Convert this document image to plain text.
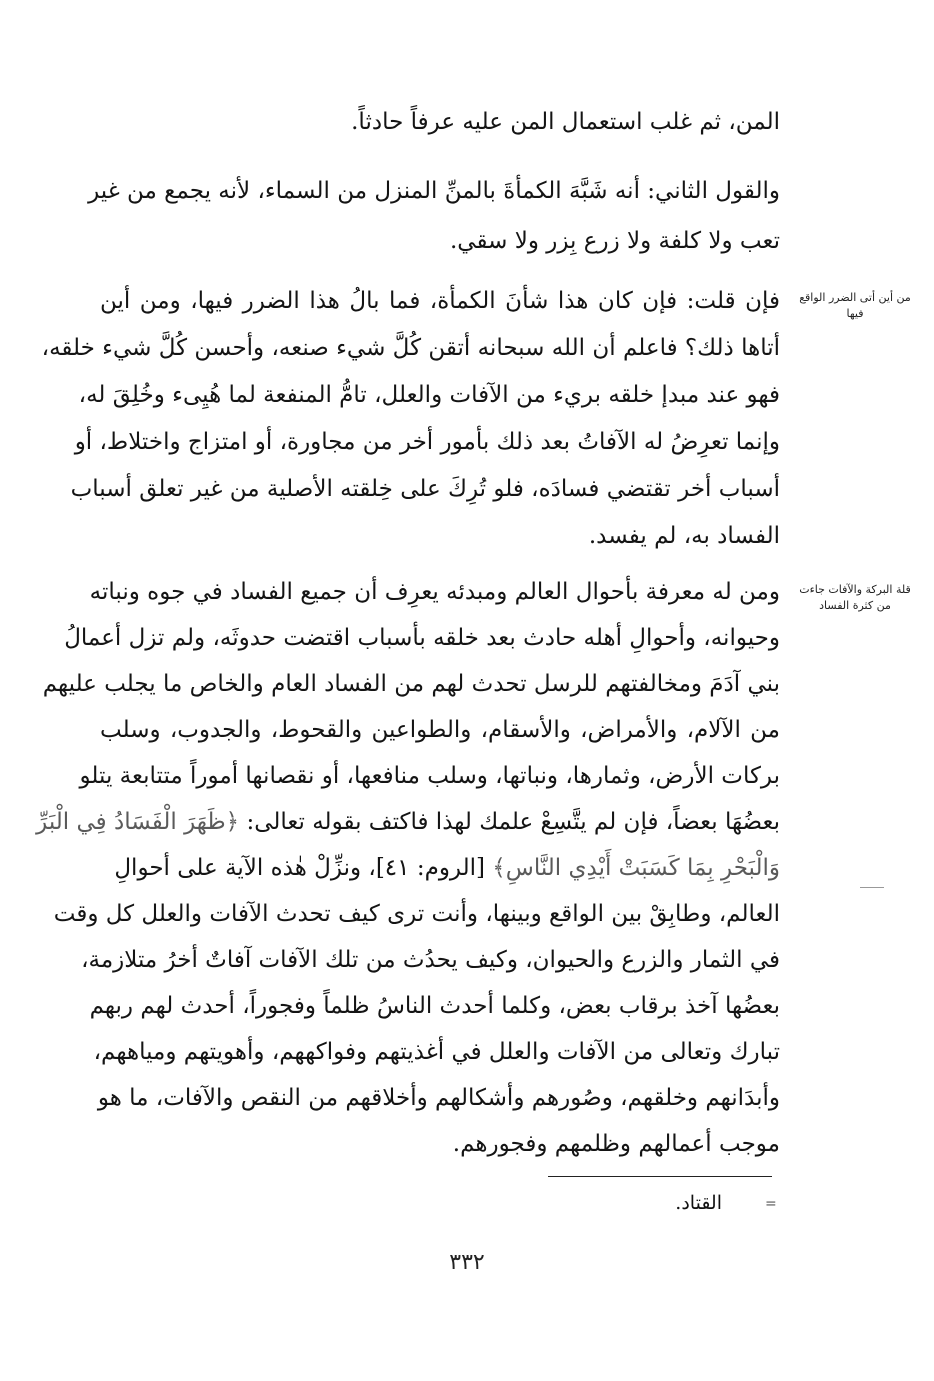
المن، ثم غلب استعمال المن عليه عرفاً حادثاً.
والقول الثاني: أنه شَبَّهَ الكمأةَ بالمنِّ المنزل من السماء، لأنه يجمع من غير
تعب ولا كلفة ولا زرع بِزر ولا سقي.
من أين أتى الضرر الواقع فيها
فإن قلت: فإن كان هذا شأنَ الكمأة، فما بالُ هذا الضرر فيها، ومن أين
أتاها ذلك؟ فاعلم أن الله سبحانه أتقن كُلَّ شيء صنعه، وأحسن كُلَّ شيء خلقه،
فهو عند مبدإ خلقه بريء من الآفات والعلل، تامُّ المنفعة لما هُيِىء وخُلِقَ له،
وإنما تعرِضُ له الآفاتُ بعد ذلك بأمور أخر من مجاورة، أو امتزاج واختلاط، أو
أسباب أخر تقتضي فسادَه، فلو تُرِكَ على خِلقته الأصلية من غير تعلق أسباب
الفساد به، لم يفسد.
قلة البركة والآفات جاءت من كثرة الفساد
ومن له معرفة بأحوال العالم ومبدئه يعرِف أن جميع الفساد في جوه ونباته
وحيوانه، وأحوالِ أهله حادث بعد خلقه بأسباب اقتضت حدوثَه، ولم تزل أعمالُ
بني آدَمَ ومخالفتهم للرسل تحدث لهم من الفساد العام والخاص ما يجلب عليهم
من الآلام، والأمراض، والأسقام، والطواعين والقحوط، والجدوب، وسلب
بركات الأرض، وثمارها، ونباتها، وسلب منافعها، أو نقصانها أموراً متتابعة يتلو
بعضُهَا بعضاً، فإن لم يتَّسِعْ علمك لهذا فاكتف بقوله تعالى: ﴿ظَهَرَ الْفَسَادُ فِي الْبَرِّ
وَالْبَحْرِ بِمَا كَسَبَتْ أَيْدِي النَّاسِ﴾ [الروم: ٤١]، ونزِّلْ هٰذه الآية على أحوالِ
العالم، وطابِقْ بين الواقع وبينها، وأنت ترى كيف تحدث الآفات والعلل كل وقت
في الثمار والزرع والحيوان، وكيف يحدُث من تلك الآفات آفاتٌ أخرُ متلازمة،
بعضُها آخذ برقاب بعض، وكلما أحدث الناسُ ظلماً وفجوراً، أحدث لهم ربهم
تبارك وتعالى من الآفات والعلل في أغذيتهم وفواكههم، وأهويتهم ومياههم،
وأبدَانهم وخلقهم، وصُورهم وأشكالهم وأخلاقهم من النقص والآفات، ما هو
موجب أعمالهم وظلمهم وفجورهم.
=
القتاد.
٣٣٢
